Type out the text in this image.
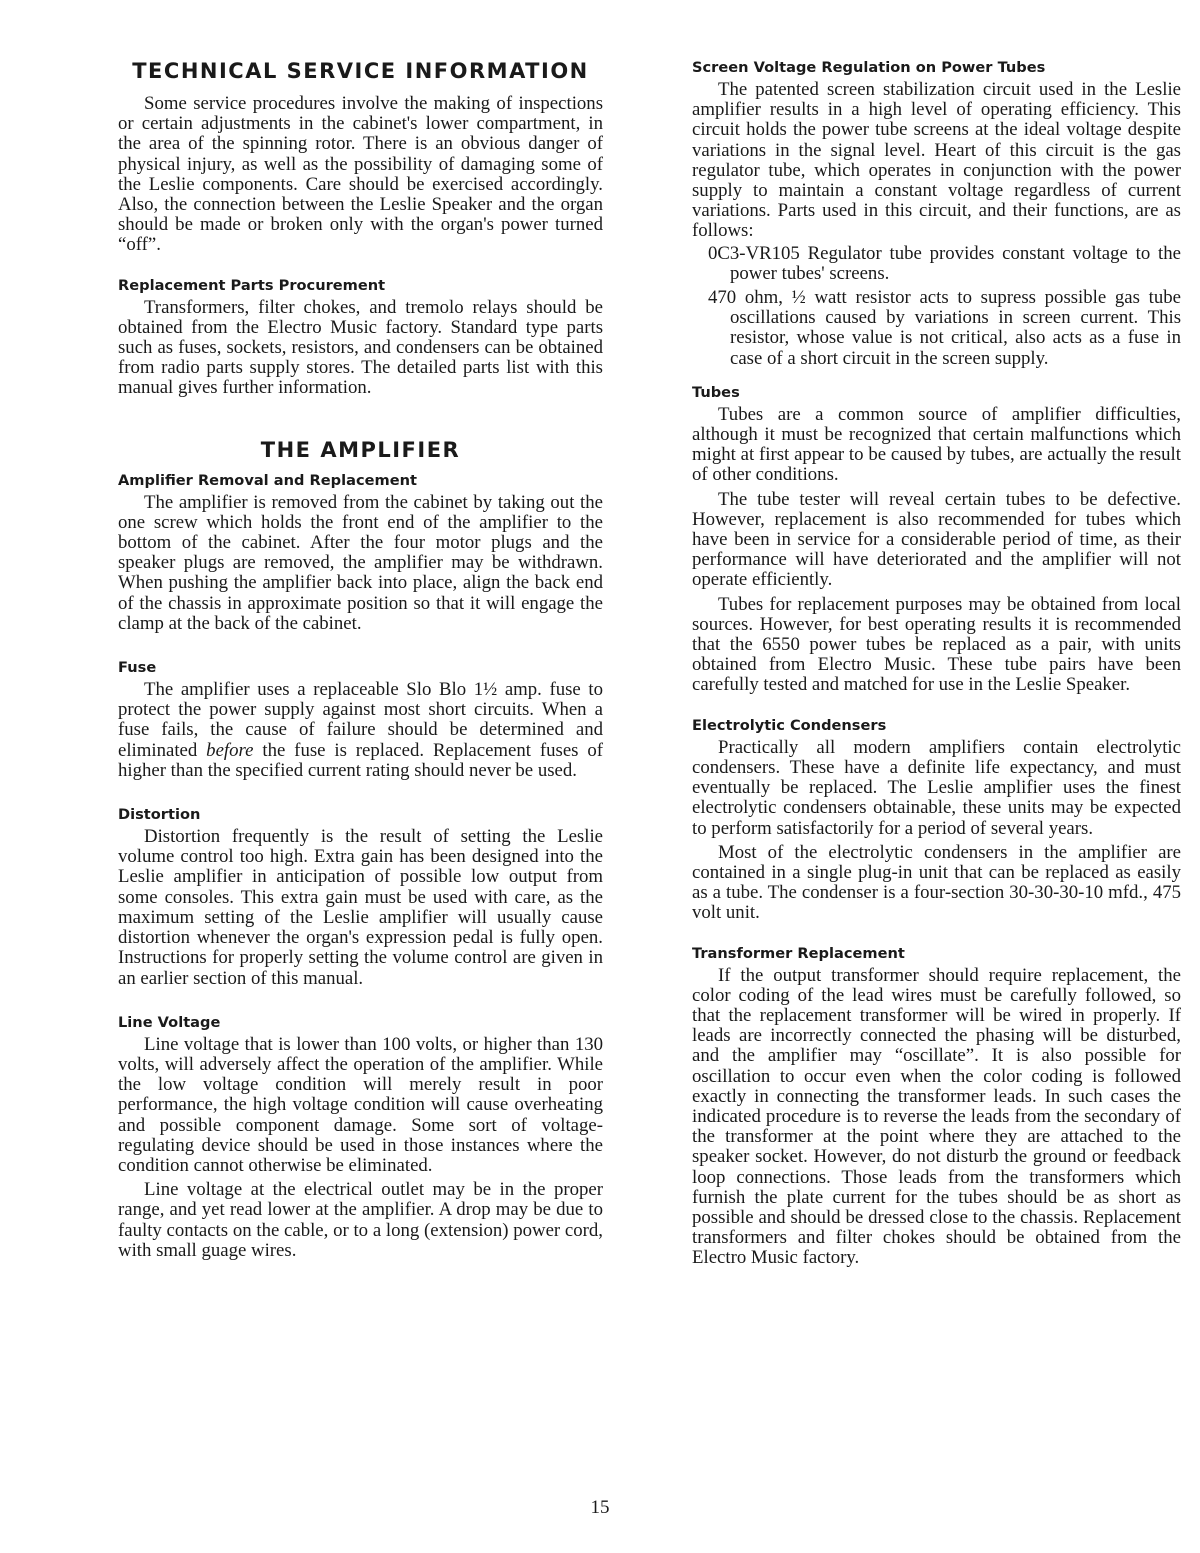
TECHNICAL SERVICE INFORMATION

Some service procedures involve the making of inspections or certain adjustments in the cabinet's lower compartment, in the area of the spinning rotor. There is an obvious danger of physical injury, as well as the possibility of damaging some of the Leslie components. Care should be exercised accordingly. Also, the connection between the Leslie Speaker and the organ should be made or broken only with the organ's power turned “off”.

Replacement Parts Procurement

Transformers, filter chokes, and tremolo relays should be obtained from the Electro Music factory. Standard type parts such as fuses, sockets, resistors, and condensers can be obtained from radio parts supply stores. The detailed parts list with this manual gives further information.

THE AMPLIFIER
Amplifier Removal and Replacement

The amplifier is removed from the cabinet by taking out the one screw which holds the front end of the amplifier to the bottom of the cabinet. After the four motor plugs and the speaker plugs are removed, the amplifier may be withdrawn. When pushing the amplifier back into place, align the back end of the chassis in approximate position so that it will engage the clamp at the back of the cabinet.

Fuse

The amplifier uses a replaceable Slo Blo 1½ amp. fuse to protect the power supply against most short circuits. When a fuse fails, the cause of failure should be determined and eliminated before the fuse is replaced. Replacement fuses of higher than the specified current rating should never be used.

Distortion

Distortion frequently is the result of setting the Leslie volume control too high. Extra gain has been designed into the Leslie amplifier in anticipation of possible low output from some consoles. This extra gain must be used with care, as the maximum setting of the Leslie amplifier will usually cause distortion whenever the organ's expression pedal is fully open. Instructions for properly setting the volume control are given in an earlier section of this manual.

Line Voltage

Line voltage that is lower than 100 volts, or higher than 130 volts, will adversely affect the operation of the amplifier. While the low voltage condition will merely result in poor performance, the high voltage condition will cause overheating and possible component damage. Some sort of voltage-regulating device should be used in those instances where the condition cannot otherwise be eliminated.

Line voltage at the electrical outlet may be in the proper range, and yet read lower at the amplifier. A drop may be due to faulty contacts on the cable, or to a long (extension) power cord, with small guage wires.

Screen Voltage Regulation on Power Tubes

The patented screen stabilization circuit used in the Leslie amplifier results in a high level of operating efficiency. This circuit holds the power tube screens at the ideal voltage despite variations in the signal level. Heart of this circuit is the gas regulator tube, which operates in conjunction with the power supply to maintain a constant voltage regardless of current variations. Parts used in this circuit, and their functions, are as follows:

0C3-VR105 Regulator tube provides constant voltage to the power tubes' screens.

470 ohm, ½ watt resistor acts to supress possible gas tube oscillations caused by variations in screen current. This resistor, whose value is not critical, also acts as a fuse in case of a short circuit in the screen supply.

Tubes

Tubes are a common source of amplifier difficulties, although it must be recognized that certain malfunctions which might at first appear to be caused by tubes, are actually the result of other conditions.

The tube tester will reveal certain tubes to be defective. However, replacement is also recommended for tubes which have been in service for a considerable period of time, as their performance will have deteriorated and the amplifier will not operate efficiently.

Tubes for replacement purposes may be obtained from local sources. However, for best operating results it is recommended that the 6550 power tubes be replaced as a pair, with units obtained from Electro Music. These tube pairs have been carefully tested and matched for use in the Leslie Speaker.

Electrolytic Condensers

Practically all modern amplifiers contain electrolytic condensers. These have a definite life expectancy, and must eventually be replaced. The Leslie amplifier uses the finest electrolytic condensers obtainable, these units may be expected to perform satisfactorily for a period of several years.

Most of the electrolytic condensers in the amplifier are contained in a single plug-in unit that can be replaced as easily as a tube. The condenser is a four-section 30-30-30-10 mfd., 475 volt unit.

Transformer Replacement

If the output transformer should require replacement, the color coding of the lead wires must be carefully followed, so that the replacement transformer will be wired in properly. If leads are incorrectly connected the phasing will be disturbed, and the amplifier may “oscillate”. It is also possible for oscillation to occur even when the color coding is followed exactly in connecting the transformer leads. In such cases the indicated procedure is to reverse the leads from the secondary of the transformer at the point where they are attached to the speaker socket. However, do not disturb the ground or feedback loop connections. Those leads from the transformers which furnish the plate current for the tubes should be as short as possible and should be dressed close to the chassis. Replacement transformers and filter chokes should be obtained from the Electro Music factory.

15
